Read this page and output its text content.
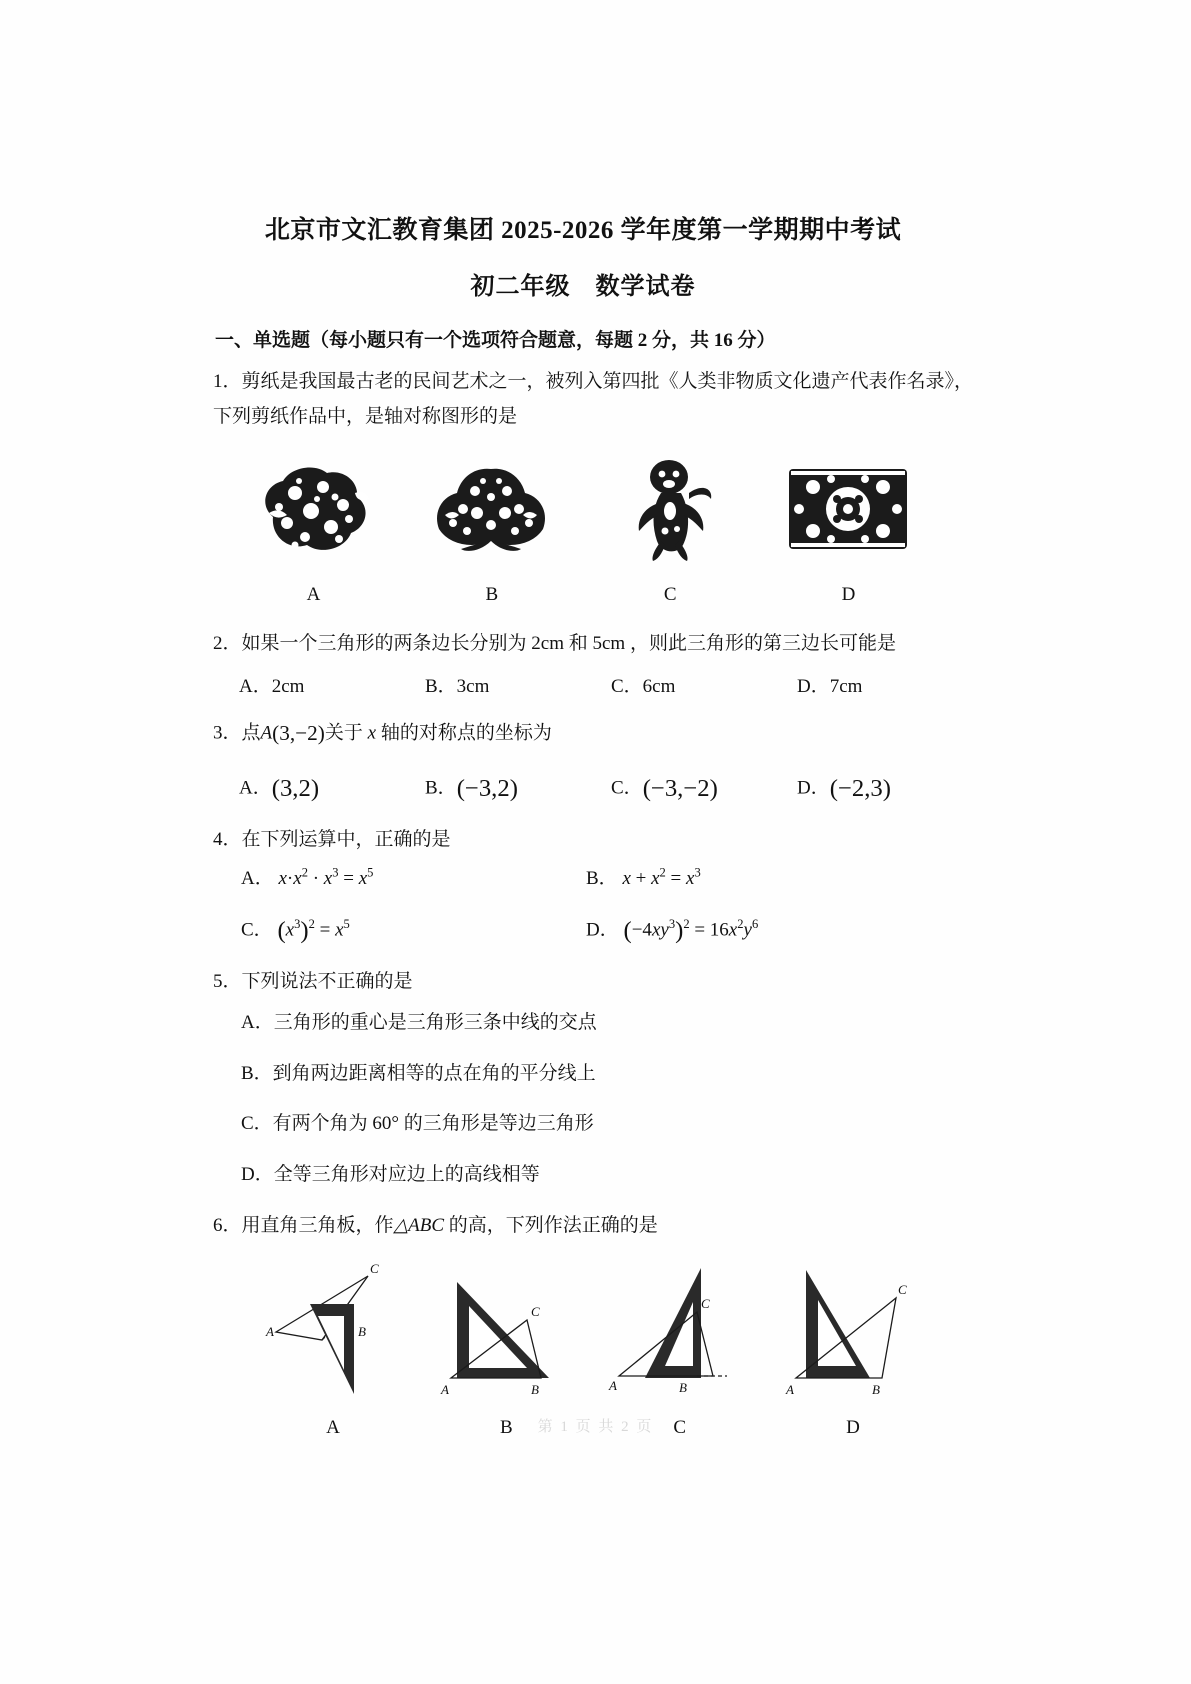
北京市文汇教育集团 2025-2026 学年度第一学期期中考试
初二年级　数学试卷
一、单选题（每小题只有一个选项符合题意，每题 2 分，共 16 分）
1．剪纸是我国最古老的民间艺术之一，被列入第四批《人类非物质文化遗产代表作名录》，
下列剪纸作品中，是轴对称图形的是
A	B	C	D
2．如果一个三角形的两条边长分别为 2cm 和 5cm ，则此三角形的第三边长可能是
A．2cm	B．3cm	C．6cm	D．7cm
3．点A(3,−2)关于 x 轴的对称点的坐标为
A．(3,2)	B．(−3,2)	C．(−3,−2)	D．(−2,3)
4．在下列运算中，正确的是
A． $x\cdot x^2 \cdot x^3 = x^5$	B． $x + x^2 = x^3$
C． $(x^3)^2 = x^5$	D． $(-4xy^3)^2 = 16x^2y^6$
5．下列说法不正确的是
A．三角形的重心是三角形三条中线的交点
B．到角两边距离相等的点在角的平分线上
C．有两个角为 60° 的三角形是等边三角形
D．全等三角形对应边上的高线相等
6．用直角三角板，作△ABC 的高，下列作法正确的是
A	B
C
A
A	B
C
B
A	B
C
C
A	B
C
D
第 1 页 共 2 页
